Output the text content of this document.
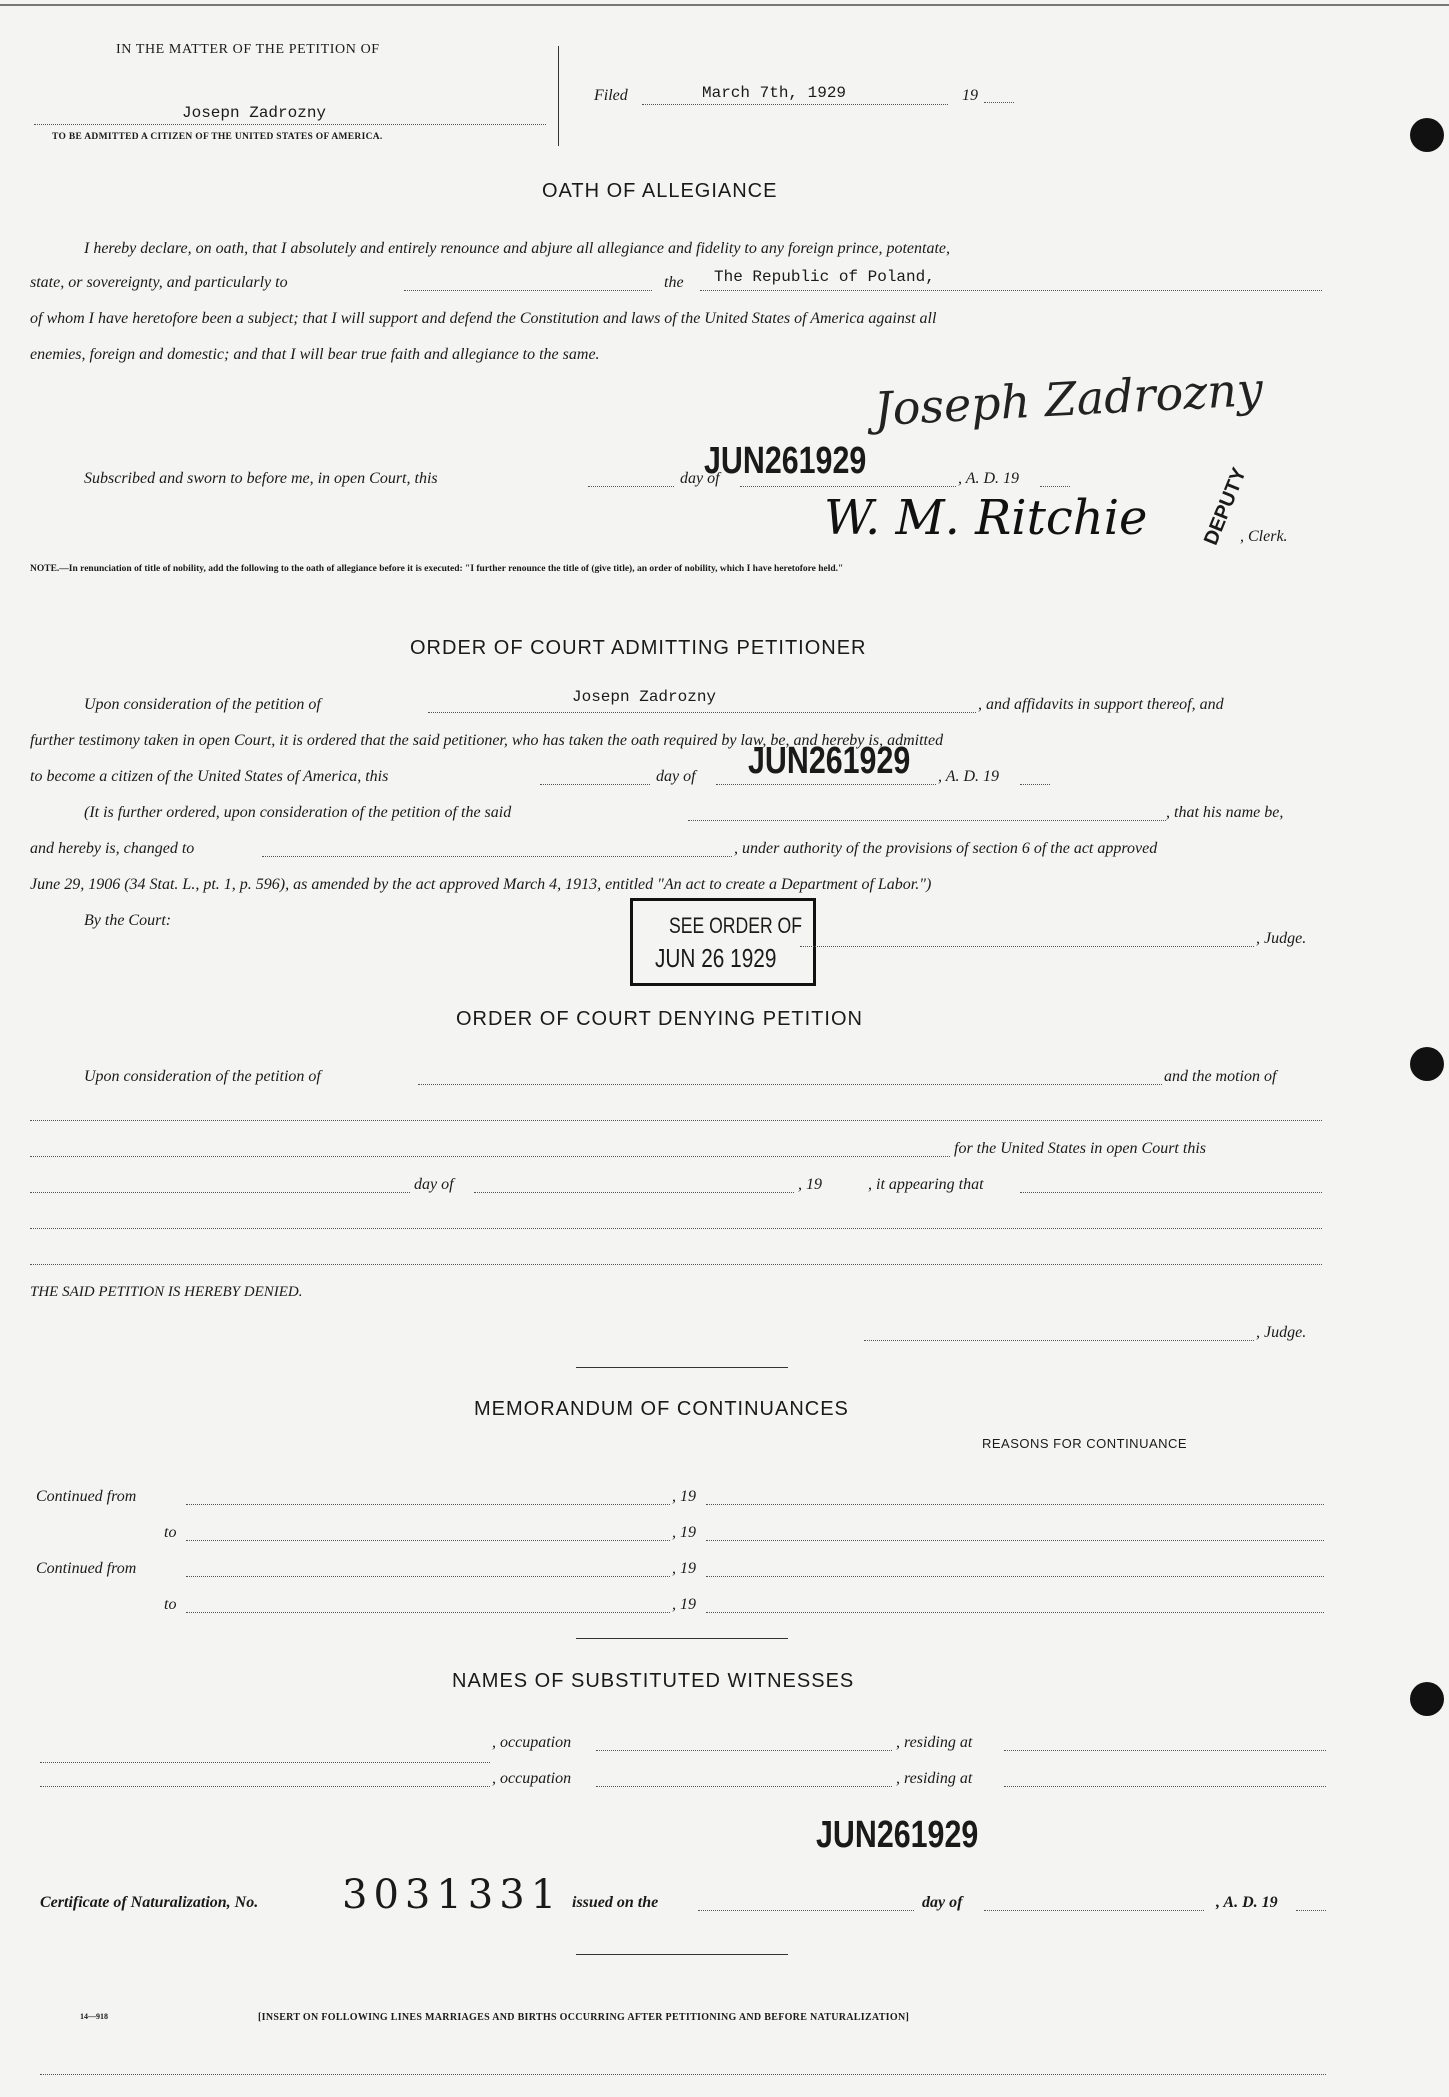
IN THE MATTER OF THE PETITION OF
Josepn Zadrozny
TO BE ADMITTED A CITIZEN OF THE UNITED STATES OF AMERICA.
Filed	March 7th, 1929	19
OATH OF ALLEGIANCE
I hereby declare, on oath, that I absolutely and entirely renounce and abjure all allegiance and fidelity to any foreign prince, potentate,
state, or sovereignty, and particularly to	the The Republic of Poland,
of whom I have heretofore been a subject; that I will support and defend the Constitution and laws of the United States of America against all
enemies, foreign and domestic; and that I will bear true faith and allegiance to the same.
Joseph Zadrozny
Subscribed and sworn to before me, in open Court, this	day of
JUN261929	, A. D. 19
W. M. Ritchie	DEPUTY
, Clerk.
NOTE.—In renunciation of title of nobility, add the following to the oath of allegiance before it is executed: "I further renounce the title of (give title), an order of nobility, which I have heretofore held."
ORDER OF COURT ADMITTING PETITIONER
Upon consideration of the petition of	Josepn Zadrozny	, and affidavits in support thereof, and
further testimony taken in open Court, it is ordered that the said petitioner, who has taken the oath required by law, be, and hereby is, admitted
to become a citizen of the United States of America, this	day of JUN261929 , A. D. 19
(It is further ordered, upon consideration of the petition of the said	, that his name be,
and hereby is, changed to	, under authority of the provisions of section 6 of the act approved
June 29, 1906 (34 Stat. L., pt. 1, p. 596), as amended by the act approved March 4, 1913, entitled "An act to create a Department of Labor.")
By the Court:	SEE ORDER OF
JUN 26 1929
, Judge.
ORDER OF COURT DENYING PETITION
Upon consideration of the petition of	and the motion of
for the United States in open Court this
day of	, 19	, it appearing that
THE SAID PETITION IS HEREBY DENIED.
, Judge.
MEMORANDUM OF CONTINUANCES
REASONS FOR CONTINUANCE
Continued from	, 19
to	, 19
Continued from	, 19
to	, 19
NAMES OF SUBSTITUTED WITNESSES
, occupation	, residing at
, occupation	, residing at
JUN261929
Certificate of Naturalization, No. 3031331 issued on the	day of	, A. D. 19
14—918	[INSERT ON FOLLOWING LINES MARRIAGES AND BIRTHS OCCURRING AFTER PETITIONING AND BEFORE NATURALIZATION]
